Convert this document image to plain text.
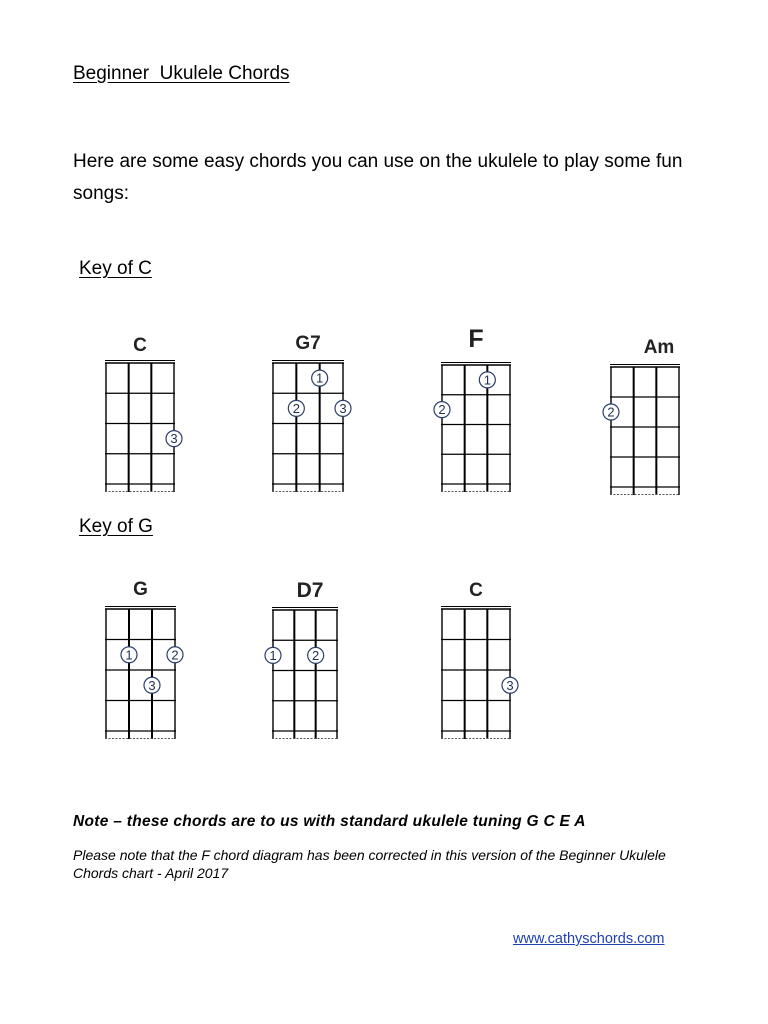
Beginner  Ukulele Chords
Here are some easy chords you can use on the ukulele to play some fun songs:
Key of C
Key of G
C
3
G7
1
2	3
F
1
2
Am
2
G
1	2
3
D7
1	2
C
3
Note – these chords are to us with standard ukulele tuning G C E A
Please note that the F chord diagram has been corrected in this version of the Beginner Ukulele Chords chart - April 2017
www.cathyschords.com
